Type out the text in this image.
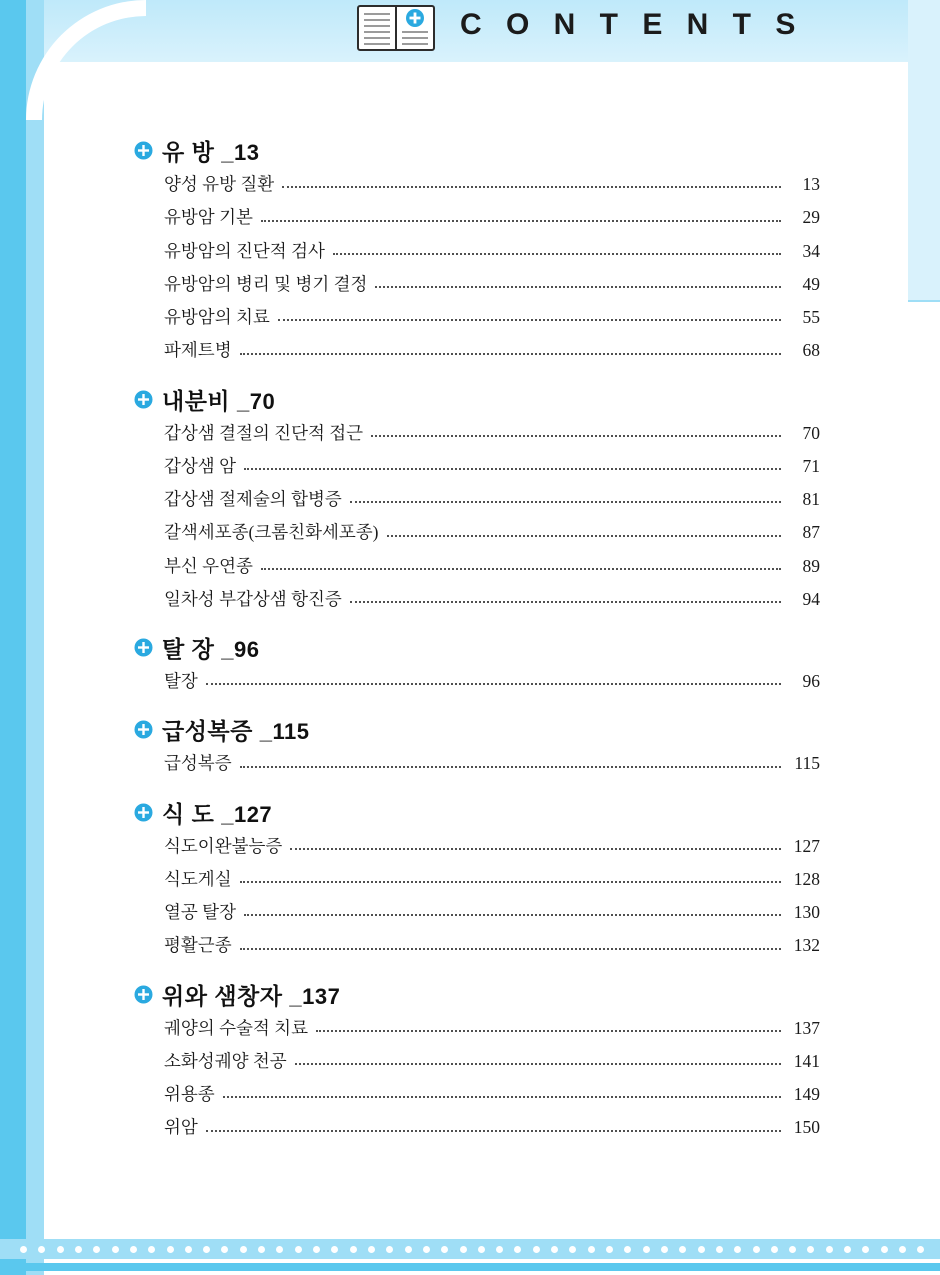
C O N T E N T S
유 방 _13
양성 유방 질환	13
유방암 기본	29
유방암의 진단적 검사	34
유방암의 병리 및 병기 결정	49
유방암의 치료	55
파제트병	68
내분비 _70
갑상샘 결절의 진단적 접근	70
갑상샘 암	71
갑상샘 절제술의 합병증	81
갈색세포종(크롬친화세포종)	87
부신 우연종	89
일차성 부갑상샘 항진증	94
탈 장 _96
탈장	96
급성복증 _115
급성복증	115
식 도 _127
식도이완불능증	127
식도게실	128
열공 탈장	130
평활근종	132
위와 샘창자 _137
궤양의 수술적 치료	137
소화성궤양 천공	141
위용종	149
위암	150
